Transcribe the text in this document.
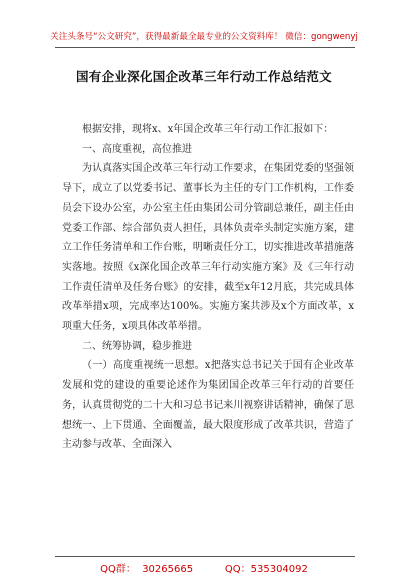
关注头条号“公文研究”，获得最新最全最专业的公文资料库！ 微信：gongwenyj
国有企业深化国企改革三年行动工作总结范文

根据安排，现将x、x年国企改革三年行动工作汇报如下：

一、高度重视，高位推进

为认真落实国企改革三年行动工作要求，在集团党委的坚强领导下，成立了以党委书记、董事长为主任的专门工作机构，工作委员会下设办公室，办公室主任由集团公司分管副总兼任，副主任由党委工作部、综合部负责人担任，具体负责牵头制定实施方案，建立工作任务清单和工作台账，明晰责任分工，切实推进改革措施落实落地。按照《x深化国企改革三年行动实施方案》及《三年行动工作责任清单及任务台账》的安排，截至x年12月底，共完成具体改革举措x项，完成率达100%。实施方案共涉及x个方面改革，x项重大任务，x项具体改革举措。

二、统筹协调，稳步推进

（一）高度重视统一思想。x把落实总书记关于国有企业改革发展和党的建设的重要论述作为集团国企改革三年行动的首要任务，认真贯彻党的二十大和习总书记来川视察讲话精神，确保了思想统一、上下贯通、全面覆盖，最大限度形成了改革共识，营造了主动参与改革、全面深入

QQ群：  30265665          QQ：535304092
